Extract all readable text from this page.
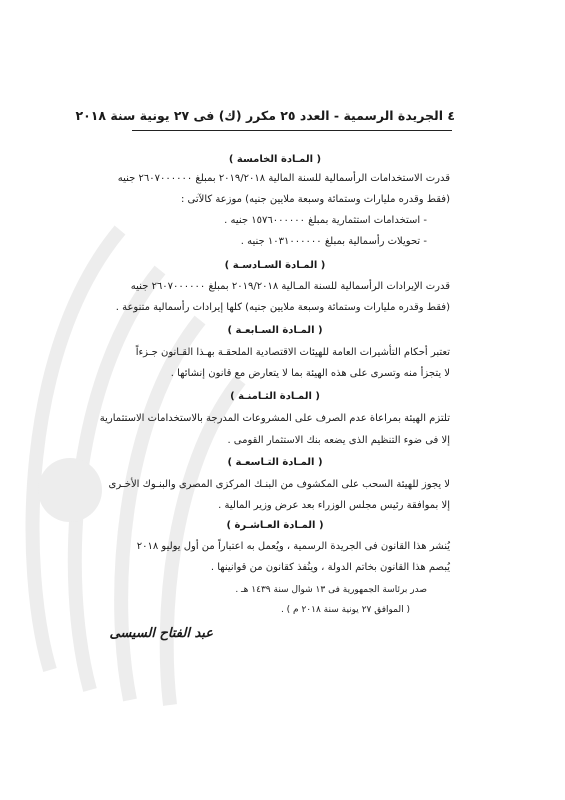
٤ الجريدة الرسمية - العدد ٢٥ مكرر (ك) فى ٢٧ يونية سنة ٢٠١٨
( المـادة الخامسة )
قدرت الاستخدامات الرأسمالية للسنة المالية ٢٠١٩/٢٠١٨ بمبلغ ٢٦٠٧٠٠٠٠٠٠ جنيه
(فقط وقدره مليارات وستمائة وسبعة ملايين جنيه) موزعة كالآتى :
- استخدامات استثمارية بمبلغ ١٥٧٦٠٠٠٠٠٠ جنيه .
- تحويلات رأسمالية بمبلغ ١٠٣١٠٠٠٠٠٠ جنيه .
( المـادة السـادسـة )
قدرت الإيرادات الرأسمالية للسنة المـالية ٢٠١٩/٢٠١٨ بمبلغ ٢٦٠٧٠٠٠٠٠٠ جنيه
(فقط وقدره مليارات وستمائة وسبعة ملايين جنيه) كلها إيرادات رأسمالية متنوعة .
( المـادة السـابعـة )
تعتبر أحكام التأشيرات العامة للهيئات الاقتصادية الملحقـة بهـذا القـانون جـزءاً
لا يتجزأ منه وتسرى على هذه الهيئة بما لا يتعارض مع قانون إنشائها .
( المـادة الثـامنـة )
تلتزم الهيئة بمراعاة عدم الصرف على المشروعات المدرجة بالاستخدامات الاستثمارية
إلا فى ضوء التنظيم الذى يضعه بنك الاستثمار القومى .
( المـادة التـاسعـة )
لا يجوز للهيئة السحب على المكشوف من البنـك المركزى المصرى والبنـوك الأخـرى
إلا بموافقة رئيس مجلس الوزراء بعد عرض وزير المالية .
( المـادة العـاشـرة )
يُنشر هذا القانون فى الجريدة الرسمية ، ويُعمل به اعتباراً من أول يوليو ٢٠١٨
يُبصم هذا القانون بخاتم الدولة ، وينُفذ كقانون من قوانينها .
صدر برئاسة الجمهورية فى ١٣ شوال سنة ١٤٣٩ هـ .
( الموافق ٢٧ يونية سنة ٢٠١٨ م ) .
عبد الفتاح السيسى
